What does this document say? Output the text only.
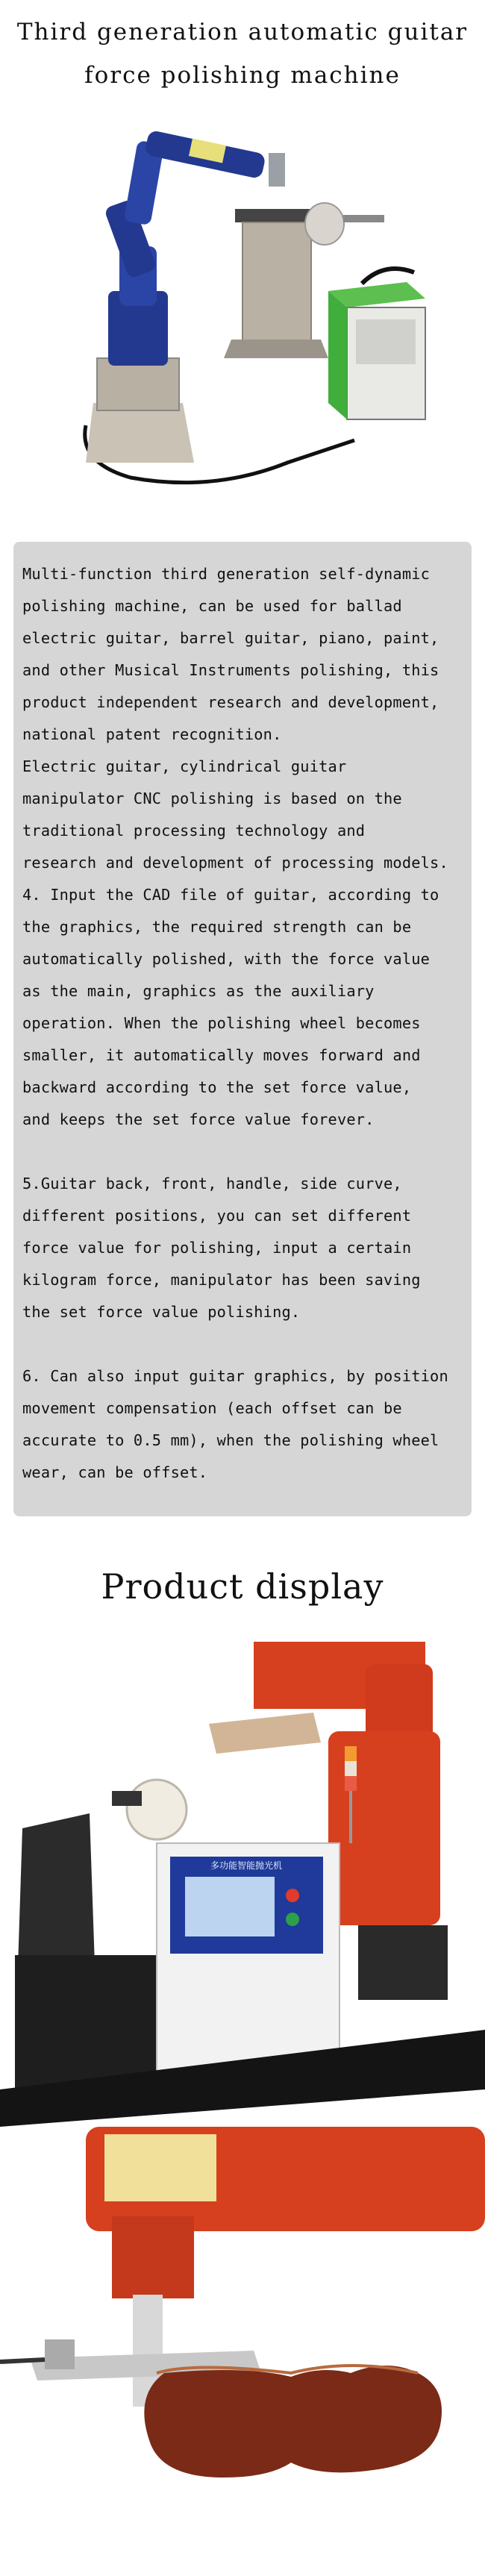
Third generation automatic guitar
force polishing machine

Multi-function third generation self-dynamic
polishing machine, can be used for ballad
electric guitar, barrel guitar, piano, paint,
and other Musical Instruments polishing, this
product independent research and development,
national patent recognition.
Electric guitar, cylindrical guitar
manipulator CNC polishing is based on the
traditional processing technology and
research and development of processing models.

4. Input the CAD file of guitar, according to
the graphics, the required strength can be
automatically polished, with the force value
as the main, graphics as the auxiliary
operation. When the polishing wheel becomes
smaller, it automatically moves forward and
backward according to the set force value,
and keeps the set force value forever.

5.Guitar back, front, handle, side curve,
different positions, you can set different
force value for polishing, input a certain
kilogram force, manipulator has been saving
the set force value polishing.

6. Can also input guitar graphics, by position
movement compensation (each offset can be
accurate to 0.5 mm), when the polishing wheel
wear, can be offset.

Product display
多功能智能抛光机
